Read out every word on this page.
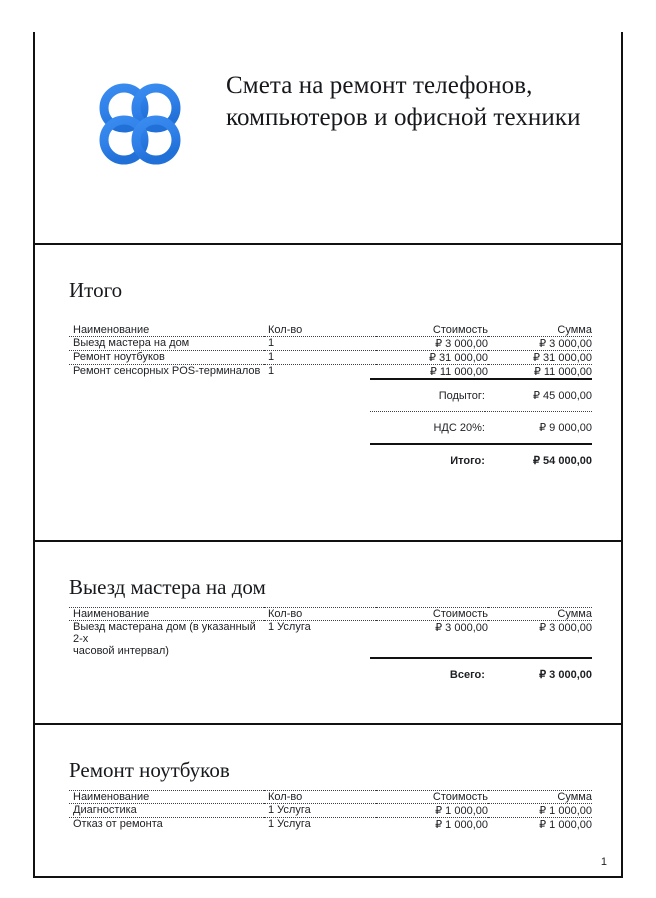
Смета на ремонт телефонов, компьютеров и офисной техники
Итого
Наименование	Кол-во	Стоимость	Сумма
Выезд мастера на дом	1	₽ 3 000,00	₽ 3 000,00
Ремонт ноутбуков	1	₽ 31 000,00	₽ 31 000,00
Ремонт сенсорных POS-терминалов	1	₽ 11 000,00	₽ 11 000,00
	Подытог:	₽ 45 000,00
	НДС 20%:	₽ 9 000,00
	Итого:	₽ 54 000,00
Выезд мастера на дом
Наименование	Кол-во	Стоимость	Сумма

Выезд мастерана дом (в указанный 2-х
часовой интервал)	1 Услуга	₽ 3 000,00	₽ 3 000,00
	Всего:	₽ 3 000,00
Ремонт ноутбуков
Наименование	Кол-во	Стоимость	Сумма
Диагностика	1 Услуга	₽ 1 000,00	₽ 1 000,00
Отказ от ремонта	1 Услуга	₽ 1 000,00	₽ 1 000,00
1
